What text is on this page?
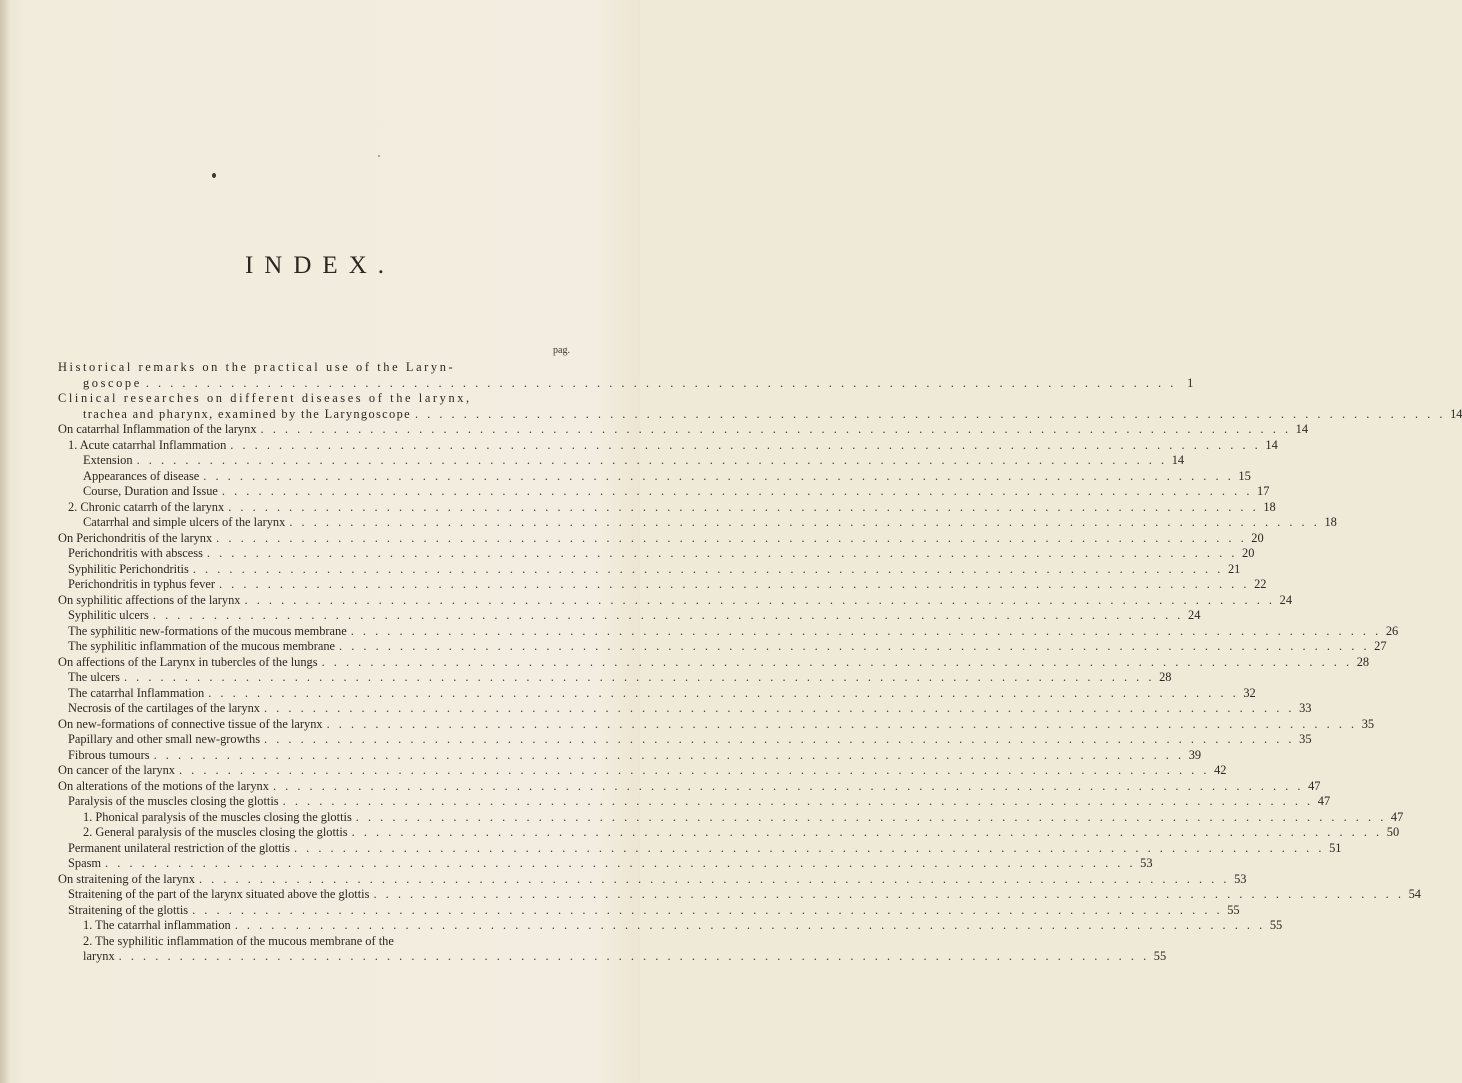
INDEX.
pag.
Historical remarks on the practical use of the Laryn-
goscope . . .	1
Clinical researches on different diseases of the larynx,
trachea and pharynx, examined by the Laryngoscope . . .	14
On catarrhal Inflammation of the larynx . . .	14
1. Acute catarrhal Inflammation . . .	14
Extension . . .	14
Appearances of disease . . .	15
Course, Duration and Issue . . .	17
2. Chronic catarrh of the larynx . . .	18
Catarrhal and simple ulcers of the larynx . . .	18
On Perichondritis of the larynx . . .	20
Perichondritis with abscess . . .	20
Syphilitic Perichondritis . . .	21
Perichondritis in typhus fever . . .	22
On syphilitic affections of the larynx . . .	24
Syphilitic ulcers . . .	24
The syphilitic new-formations of the mucous membrane . . .	26
The syphilitic inflammation of the mucous membrane . . .	27
On affections of the Larynx in tubercles of the lungs . . .	28
The ulcers . . .	28
The catarrhal Inflammation . . .	32
Necrosis of the cartilages of the larynx . . .	33
On new-formations of connective tissue of the larynx . . .	35
Papillary and other small new-growths . . .	35
Fibrous tumours . . .	39
On cancer of the larynx . . .	42
On alterations of the motions of the larynx . . .	47
Paralysis of the muscles closing the glottis . . .	47
1. Phonical paralysis of the muscles closing the glottis . . .	47
2. General paralysis of the muscles closing the glottis . . .	50
Permanent unilateral restriction of the glottis . . .	51
Spasm . . .	53
On straitening of the larynx . . .	53
Straitening of the part of the larynx situated above the glottis . . .	54
Straitening of the glottis . . .	55
1. The catarrhal inflammation . . .	55
2. The syphilitic inflammation of the mucous membrane of the
larynx . . .	55
